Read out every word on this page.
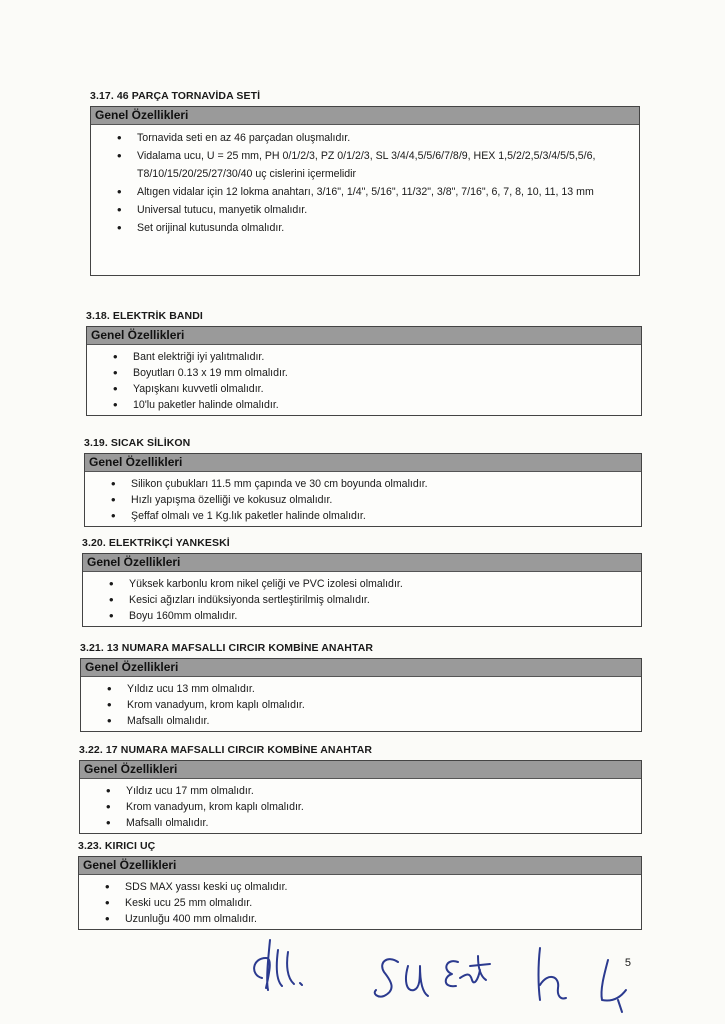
3.17. 46 PARÇA TORNAVİDA SETİ
Genel Özellikleri
• Tornavida seti en az 46 parçadan oluşmalıdır.
• Vidalama ucu, U = 25 mm, PH 0/1/2/3, PZ 0/1/2/3, SL 3/4/4,5/5/6/7/8/9, HEX 1,5/2/2,5/3/4/5/5,5/6, T8/10/15/20/25/27/30/40 uç cislerini içermelidir
• Altıgen vidalar için 12 lokma anahtarı, 3/16", 1/4", 5/16", 11/32", 3/8", 7/16", 6, 7, 8, 10, 11, 13 mm
• Universal tutucu, manyetik olmalıdır.
• Set orijinal kutusunda olmalıdır.
3.18. ELEKTRİK BANDI
Genel Özellikleri
• Bant elektriği iyi yalıtmalıdır.
• Boyutları 0.13 x 19 mm olmalıdır.
• Yapışkanı kuvvetli olmalıdır.
• 10'lu paketler halinde olmalıdır.
3.19. SICAK SİLİKON
Genel Özellikleri
• Silikon çubukları 11.5 mm çapında ve 30 cm boyunda olmalıdır.
• Hızlı yapışma özelliği ve kokusuz olmalıdır.
• Şeffaf olmalı ve 1 Kg.lık paketler halinde olmalıdır.
3.20. ELEKTRİKÇİ YANKESKİ
Genel Özellikleri
• Yüksek karbonlu krom nikel çeliği ve PVC izolesi olmalıdır.
• Kesici ağızları indüksiyonda sertleştirilmiş olmalıdır.
• Boyu 160mm olmalıdır.
3.21. 13 NUMARA MAFSALLI CIRCIR KOMBİNE ANAHTAR
Genel Özellikleri
• Yıldız ucu 13 mm olmalıdır.
• Krom vanadyum, krom kaplı olmalıdır.
• Mafsallı olmalıdır.
3.22. 17 NUMARA MAFSALLI CIRCIR KOMBİNE ANAHTAR
Genel Özellikleri
• Yıldız ucu 17 mm olmalıdır.
• Krom vanadyum, krom kaplı olmalıdır.
• Mafsallı olmalıdır.
3.23. KIRICI UÇ
Genel Özellikleri
• SDS MAX yassı keski uç olmalıdır.
• Keski ucu 25 mm olmalıdır.
• Uzunluğu 400 mm olmalıdır.
5
